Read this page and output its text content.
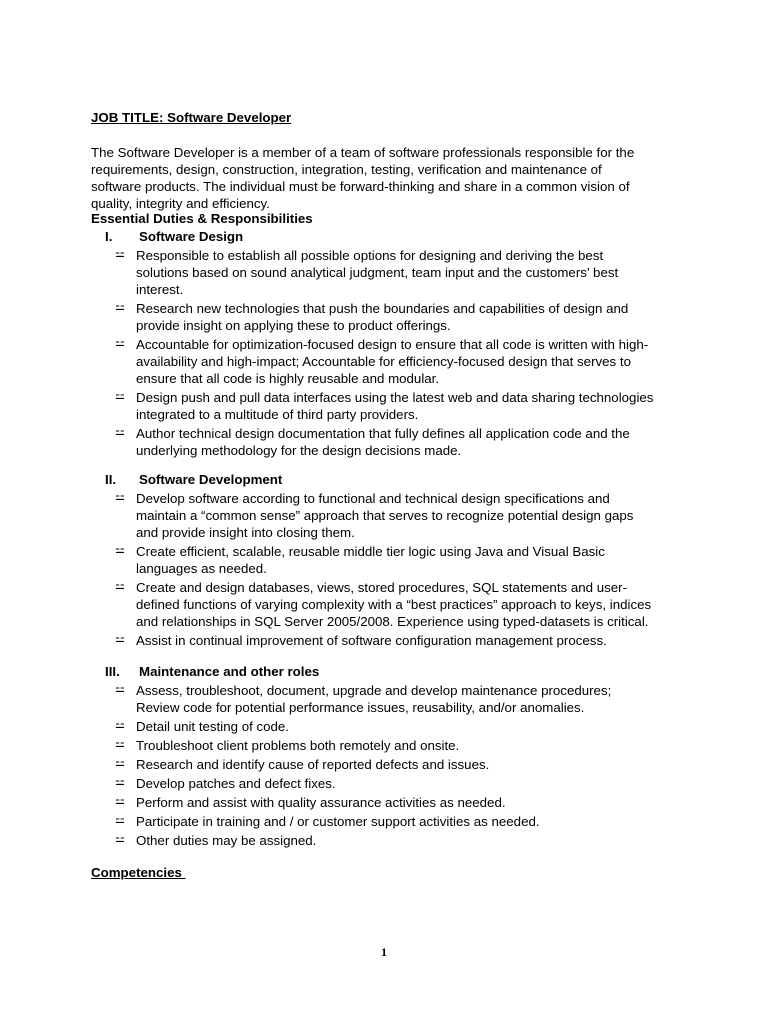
JOB TITLE: Software Developer
The Software Developer is a member of a team of software professionals responsible for the
requirements, design, construction, integration, testing, verification and maintenance of
software products. The individual must be forward-thinking and share in a common vision of
quality, integrity and efficiency.
Essential Duties & Responsibilities
I. Software Design
⚍ Responsible to establish all possible options for designing and deriving the best
solutions based on sound analytical judgment, team input and the customers’ best
interest.
⚍ Research new technologies that push the boundaries and capabilities of design and
provide insight on applying these to product offerings.
⚍ Accountable for optimization-focused design to ensure that all code is written with high-
availability and high-impact; Accountable for efficiency-focused design that serves to
ensure that all code is highly reusable and modular.
⚍ Design push and pull data interfaces using the latest web and data sharing technologies
integrated to a multitude of third party providers.
⚍ Author technical design documentation that fully defines all application code and the
underlying methodology for the design decisions made.
II. Software Development
⚍ Develop software according to functional and technical design specifications and
maintain a “common sense” approach that serves to recognize potential design gaps
and provide insight into closing them.
⚍ Create efficient, scalable, reusable middle tier logic using Java and Visual Basic
languages as needed.
⚍ Create and design databases, views, stored procedures, SQL statements and user-
defined functions of varying complexity with a “best practices” approach to keys, indices
and relationships in SQL Server 2005/2008. Experience using typed-datasets is critical.
⚍ Assist in continual improvement of software configuration management process.
III. Maintenance and other roles
⚍ Assess, troubleshoot, document, upgrade and develop maintenance procedures;
Review code for potential performance issues, reusability, and/or anomalies.
⚍ Detail unit testing of code.
⚍ Troubleshoot client problems both remotely and onsite.
⚍ Research and identify cause of reported defects and issues.
⚍ Develop patches and defect fixes.
⚍ Perform and assist with quality assurance activities as needed.
⚍ Participate in training and / or customer support activities as needed.
⚍ Other duties may be assigned.
Competencies
1
